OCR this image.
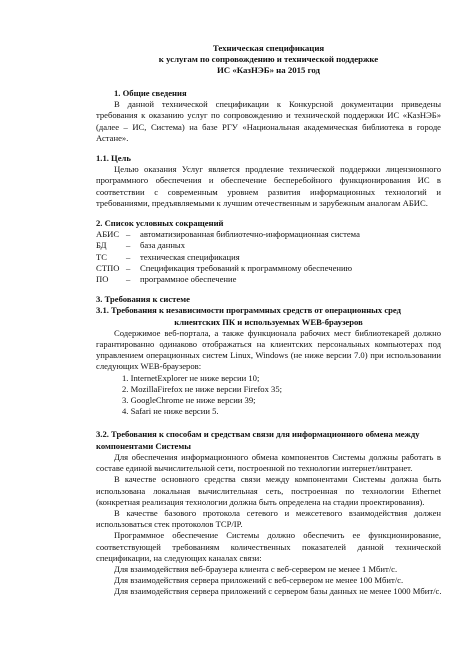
Техническая спецификация
к услугам по сопровождению и технической поддержке
ИС «КазНЭБ» на 2015 год
1. Общие сведения
В данной технической спецификации к Конкурсной документации приведены требования к оказанию услуг по сопровождению и технической поддержки ИС «КазНЭБ» (далее – ИС, Система) на базе РГУ «Национальная академическая библиотека в городе Астане».
1.1. Цель
Целью оказания Услуг является продление технической поддержки лицензионного программного обеспечения и обеспечение бесперебойного функционирования ИС в соответствии с современным уровнем развития информационных технологий и требованиями, предъявляемыми к лучшим отечественным и зарубежным аналогам АБИС.
2. Список условных сокращений
АБИС –	автоматизированная библиотечно-информационная система
БД	–	база данных
ТС	–	техническая спецификация
СТПО –	Спецификация требований к программному обеспечению
ПО	–	программное обеспечение
3. Требования к системе
3.1. Требования к независимости программных средств от операционных сред
клиентских ПК и используемых WEB-браузеров
Содержимое веб-портала, а также функционала рабочих мест библиотекарей должно гарантированно одинаково отображаться на клиентских персональных компьютерах под управлением операционных систем Linux, Windows (не ниже версии 7.0) при использовании следующих WEB-браузеров:
1. InternetExplorer не ниже версии 10;
2. MozillaFirefox не ниже версии Firefox 35;
3. GoogleChrome не ниже версии 39;
4. Safari не ниже версии 5.
3.2. Требования к способам и средствам связи для информационного обмена между
компонентами Системы
Для обеспечения информационного обмена компонентов Системы должны работать в составе единой вычислительной сети, построенной по технологии интернет/интранет.
В качестве основного средства связи между компонентами Системы должна быть использована локальная вычислительная сеть, построенная по технологии Ethernet (конкретная реализация технологии должна быть определена на стадии проектирования).
В качестве базового протокола сетевого и межсетевого взаимодействия должен использоваться стек протоколов TCP/IP.
Программное обеспечение Системы должно обеспечить ее функционирование, соответствующей требованиям количественных показателей данной технической спецификации, на следующих каналах связи:
Для взаимодействия веб-браузера клиента с веб-сервером не менее 1 Мбит/с.
Для взаимодействия сервера приложений с веб-сервером не менее 100 Мбит/с.
Для взаимодействия сервера приложений с сервером базы данных не менее 1000 Мбит/с.
